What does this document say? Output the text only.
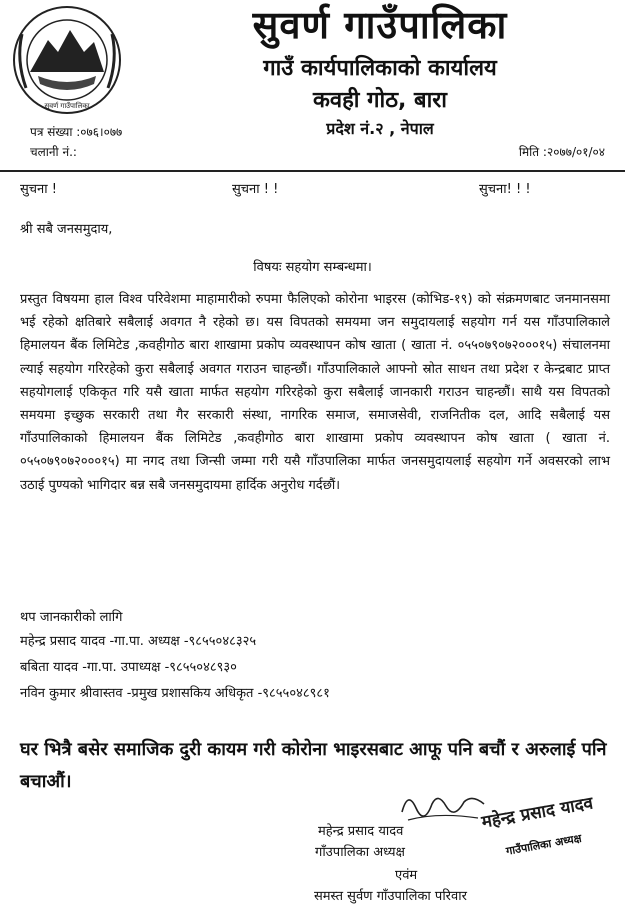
सुवर्ण गाउँपालिका
सुवर्ण गाउँपालिका
गाउँ कार्यपालिकाको कार्यालय
कवही गोठ, बारा
प्रदेश नं.२ , नेपाल
पत्र संख्या :०७६।०७७
चलानी नं.:	मिति :२०७७/०१/०४
सुचना !	सुचना ! !	सुचना! ! !
श्री सबै जनसमुदाय,
विषयः सहयोग सम्बन्धमा।
प्रस्तुत विषयमा हाल विश्व परिवेशमा माहामारीको रुपमा फैलिएको कोरोना भाइरस (कोभिड-१९) को संक्रमणबाट जनमानसमा भई रहेको क्षतिबारे सबैलाई अवगत नै रहेको छ। यस विपतको समयमा जन समुदायलाई सहयोग गर्न यस गाँउपालिकाले हिमालयन बैंक लिमिटेड ,कवहीगोठ बारा शाखामा प्रकोप व्यवस्थापन कोष खाता ( खाता नं. ०५५०७९०७२०००१५) संचालनमा ल्याई सहयोग गरिरहेको कुरा सबैलाई अवगत गराउन चाहन्छौं। गाँउपालिकाले आफ्नो स्रोत साधन तथा प्रदेश र केन्द्रबाट प्राप्त सहयोगलाई एकिकृत गरि यसै खाता मार्फत सहयोग गरिरहेको कुरा सबैलाई जानकारी गराउन चाहन्छौं। साथै यस विपतको समयमा इच्छुक सरकारी तथा गैर सरकारी संस्था, नागरिक समाज, समाजसेवी, राजनितीक दल, आदि सबैलाई यस गाँउपालिकाको हिमालयन बैंक लिमिटेड ,कवहीगोठ बारा शाखामा प्रकोप व्यवस्थापन कोष खाता ( खाता नं. ०५५०७९०७२०००१५) मा नगद तथा जिन्सी जम्मा गरी यसै गाँउपालिका मार्फत जनसमुदायलाई सहयोग गर्ने अवसरको लाभ उठाई पुण्यको भागिदार बन्न सबै जनसमुदायमा हार्दिक अनुरोध गर्दछौं।
थप जानकारीको लागि
महेन्द्र प्रसाद यादव -गा.पा. अध्यक्ष -९८५५०४८३२५
बबिता यादव -गा.पा. उपाध्यक्ष -९८५५०४८९३०
नविन कुमार श्रीवास्तव -प्रमुख प्रशासकिय अधिकृत -९८५५०४८९८१
घर भित्रै बसेर समाजिक दुरी कायम गरी कोरोना भाइरसबाट आफू पनि बचौं र अरुलाई पनि बचाऔं।
महेन्द्र प्रसाद यादव
गाँउपालिका अध्यक्ष
एवंम
समस्त सुर्वण गाँउपालिका परिवार
महेन्द्र प्रसाद यादव
गाउँपालिका अध्यक्ष
